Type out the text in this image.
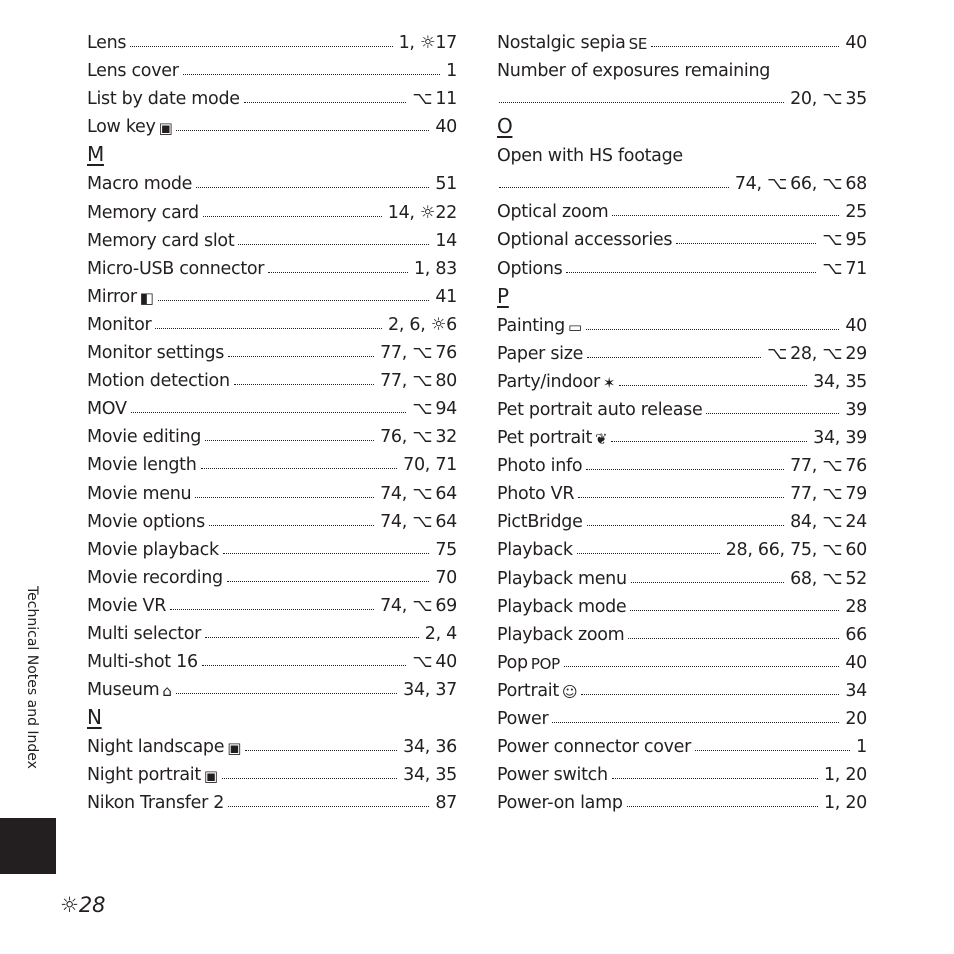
Lens	1, ☼17
Lens cover	1
List by date mode	⌥ 11
Low key ▣	40
M
Macro mode	51
Memory card	14, ☼22
Memory card slot	14
Micro-USB connector	1, 83
Mirror ◧	41
Monitor	2, 6, ☼6
Monitor settings	77, ⌥ 76
Motion detection	77, ⌥ 80
MOV	⌥ 94
Movie editing	76, ⌥ 32
Movie length	70, 71
Movie menu	74, ⌥ 64
Movie options	74, ⌥ 64
Movie playback	75
Movie recording	70
Movie VR	74, ⌥ 69
Multi selector	2, 4
Multi-shot 16	⌥ 40
Museum ⌂	34, 37
N
Night landscape ▣	34, 36
Night portrait ▣	34, 35
Nikon Transfer 2	87
Nostalgic sepia SE	40
Number of exposures remaining
20, ⌥ 35
O
Open with HS footage
74, ⌥ 66, ⌥ 68
Optical zoom	25
Optional accessories	⌥ 95
Options	⌥ 71
P
Painting ▭	40
Paper size	⌥ 28, ⌥ 29
Party/indoor ✶	34, 35
Pet portrait auto release	39
Pet portrait ❦	34, 39
Photo info	77, ⌥ 76
Photo VR	77, ⌥ 79
PictBridge	84, ⌥ 24
Playback	28, 66, 75, ⌥ 60
Playback menu	68, ⌥ 52
Playback mode	28
Playback zoom	66
Pop POP	40
Portrait ☺	34
Power	20
Power connector cover	1
Power switch	1, 20
Power-on lamp	1, 20
Technical Notes and Index
☼28
